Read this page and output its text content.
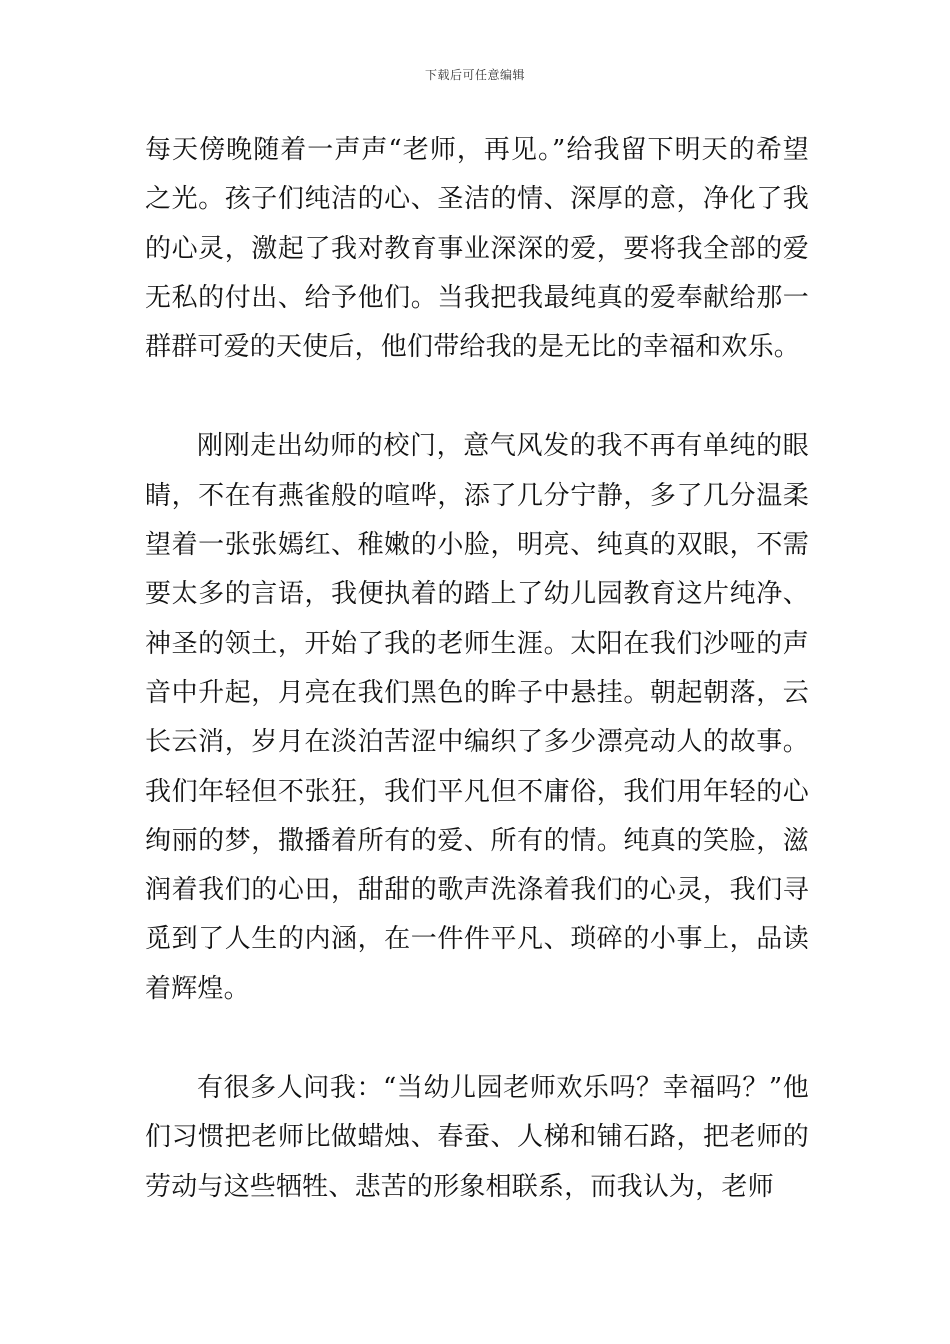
下载后可任意编辑

每天傍晚随着一声声“老师，再见。”给我留下明天的希望之光。孩子们纯洁的心、圣洁的情、深厚的意，净化了我的心灵，激起了我对教育事业深深的爱，要将我全部的爱无私的付出、给予他们。当我把我最纯真的爱奉献给那一群群可爱的天使后，他们带给我的是无比的幸福和欢乐。

刚刚走出幼师的校门，意气风发的我不再有单纯的眼睛，不在有燕雀般的喧哗，添了几分宁静，多了几分温柔望着一张张嫣红、稚嫩的小脸，明亮、纯真的双眼，不需要太多的言语，我便执着的踏上了幼儿园教育这片纯净、神圣的领土，开始了我的老师生涯。太阳在我们沙哑的声音中升起，月亮在我们黑色的眸子中悬挂。朝起朝落，云长云消，岁月在淡泊苦涩中编织了多少漂亮动人的故事。我们年轻但不张狂，我们平凡但不庸俗，我们用年轻的心绚丽的梦，撒播着所有的爱、所有的情。纯真的笑脸，滋润着我们的心田，甜甜的歌声洗涤着我们的心灵，我们寻觅到了人生的内涵，在一件件平凡、琐碎的小事上，品读着辉煌。

有很多人问我：“当幼儿园老师欢乐吗？幸福吗？”他们习惯把老师比做蜡烛、春蚕、人梯和铺石路，把老师的劳动与这些牺牲、悲苦的形象相联系，而我认为，老师
